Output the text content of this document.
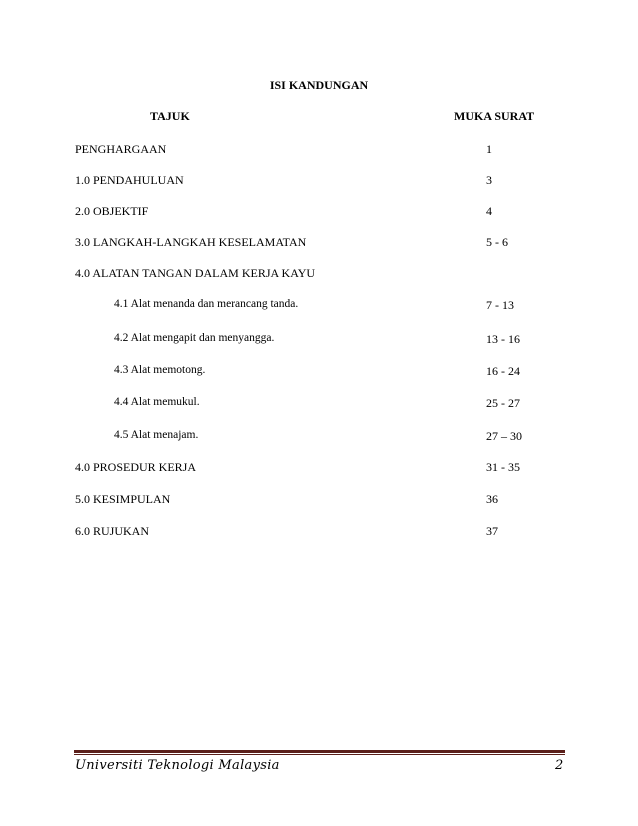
ISI KANDUNGAN
TAJUK	MUKA SURAT
PENGHARGAAN	1
1.0 PENDAHULUAN	3
2.0 OBJEKTIF	4
3.0 LANGKAH-LANGKAH KESELAMATAN	5 - 6
4.0 ALATAN TANGAN DALAM KERJA KAYU
4.1 Alat menanda dan merancang tanda.	7 - 13
4.2 Alat mengapit dan menyangga.	13 - 16
4.3 Alat memotong.	16 - 24
4.4 Alat memukul.	25 - 27
4.5 Alat menajam.	27 – 30
4.0 PROSEDUR KERJA	31 - 35
5.0 KESIMPULAN	36
6.0 RUJUKAN	37
Universiti Teknologi Malaysia	2
